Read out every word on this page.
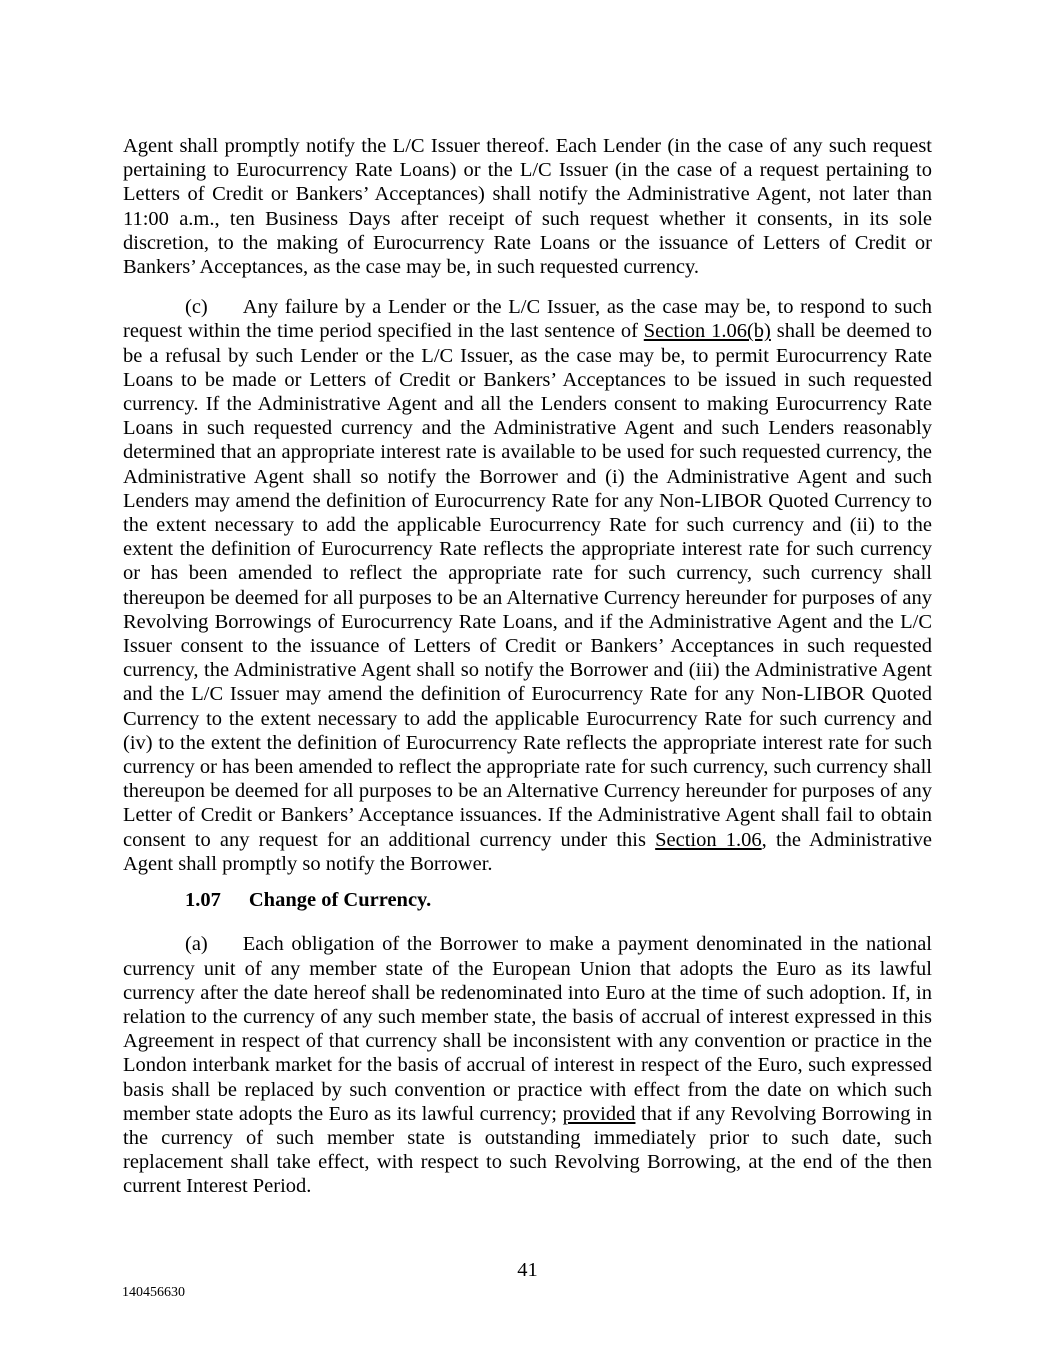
Agent shall promptly notify the L/C Issuer thereof. Each Lender (in the case of any such request pertaining to Eurocurrency Rate Loans) or the L/C Issuer (in the case of a request pertaining to Letters of Credit or Bankers’ Acceptances) shall notify the Administrative Agent, not later than 11:00 a.m., ten Business Days after receipt of such request whether it consents, in its sole discretion, to the making of Eurocurrency Rate Loans or the issuance of Letters of Credit or Bankers’ Acceptances, as the case may be, in such requested currency.

(c) Any failure by a Lender or the L/C Issuer, as the case may be, to respond to such request within the time period specified in the last sentence of Section 1.06(b) shall be deemed to be a refusal by such Lender or the L/C Issuer, as the case may be, to permit Eurocurrency Rate Loans to be made or Letters of Credit or Bankers’ Acceptances to be issued in such requested currency. If the Administrative Agent and all the Lenders consent to making Eurocurrency Rate Loans in such requested currency and the Administrative Agent and such Lenders reasonably determined that an appropriate interest rate is available to be used for such requested currency, the Administrative Agent shall so notify the Borrower and (i) the Administrative Agent and such Lenders may amend the definition of Eurocurrency Rate for any Non-LIBOR Quoted Currency to the extent necessary to add the applicable Eurocurrency Rate for such currency and (ii) to the extent the definition of Eurocurrency Rate reflects the appropriate interest rate for such currency or has been amended to reflect the appropriate rate for such currency, such currency shall thereupon be deemed for all purposes to be an Alternative Currency hereunder for purposes of any Revolving Borrowings of Eurocurrency Rate Loans, and if the Administrative Agent and the L/C Issuer consent to the issuance of Letters of Credit or Bankers’ Acceptances in such requested currency, the Administrative Agent shall so notify the Borrower and (iii) the Administrative Agent and the L/C Issuer may amend the definition of Eurocurrency Rate for any Non-LIBOR Quoted Currency to the extent necessary to add the applicable Eurocurrency Rate for such currency and (iv) to the extent the definition of Eurocurrency Rate reflects the appropriate interest rate for such currency or has been amended to reflect the appropriate rate for such currency, such currency shall thereupon be deemed for all purposes to be an Alternative Currency hereunder for purposes of any Letter of Credit or Bankers’ Acceptance issuances. If the Administrative Agent shall fail to obtain consent to any request for an additional currency under this Section 1.06, the Administrative Agent shall promptly so notify the Borrower.

1.07 Change of Currency.

(a) Each obligation of the Borrower to make a payment denominated in the national currency unit of any member state of the European Union that adopts the Euro as its lawful currency after the date hereof shall be redenominated into Euro at the time of such adoption. If, in relation to the currency of any such member state, the basis of accrual of interest expressed in this Agreement in respect of that currency shall be inconsistent with any convention or practice in the London interbank market for the basis of accrual of interest in respect of the Euro, such expressed basis shall be replaced by such convention or practice with effect from the date on which such member state adopts the Euro as its lawful currency; provided that if any Revolving Borrowing in the currency of such member state is outstanding immediately prior to such date, such replacement shall take effect, with respect to such Revolving Borrowing, at the end of the then current Interest Period.

41
140456630
